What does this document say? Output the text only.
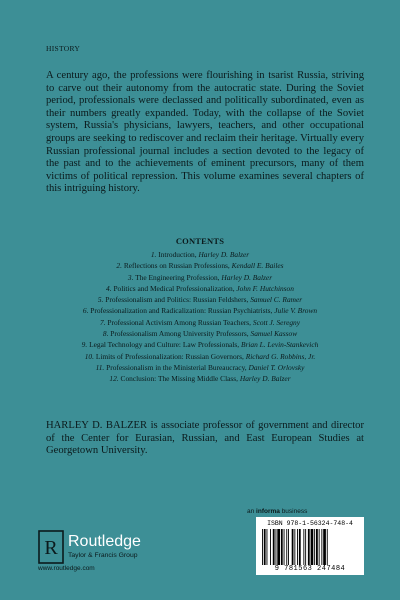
HISTORY

A century ago, the professions were flourishing in tsarist Russia, striving to carve out their autonomy from the autocratic state. During the Soviet period, professionals were declassed and politically subordinated, even as their numbers greatly expanded. Today, with the collapse of the Soviet system, Russia's physicians, lawyers, teachers, and other occupational groups are seeking to rediscover and reclaim their heritage. Virtually every Russian professional journal includes a section devoted to the legacy of the past and to the achievements of eminent precursors, many of them victims of political repression. This volume examines several chapters of this intriguing history.

CONTENTS
1. Introduction, Harley D. Balzer
2. Reflections on Russian Professions, Kendall E. Bailes
3. The Engineering Profession, Harley D. Balzer
4. Politics and Medical Professionalization, John F. Hutchinson
5. Professionalism and Politics: Russian Feldshers, Samuel C. Ramer
6. Professionalization and Radicalization: Russian Psychiatrists, Julie V. Brown
7. Professional Activism Among Russian Teachers, Scott J. Seregny
8. Professionalism Among University Professors, Samuel Kassow
9. Legal Technology and Culture: Law Professionals, Brian L. Levin-Stankevich
10. Limits of Professionalization: Russian Governors, Richard G. Robbins, Jr.
11. Professionalism in the Ministerial Bureaucracy, Daniel T. Orlovsky
12. Conclusion: The Missing Middle Class, Harley D. Balzer

HARLEY D. BALZER is associate professor of government and director of the Center for Eurasian, Russian, and East European Studies at Georgetown University.

an informa business
R Routledge
Taylor & Francis Group
www.routledge.com
ISBN 978-1-56324-748-4
9 781563 247484
